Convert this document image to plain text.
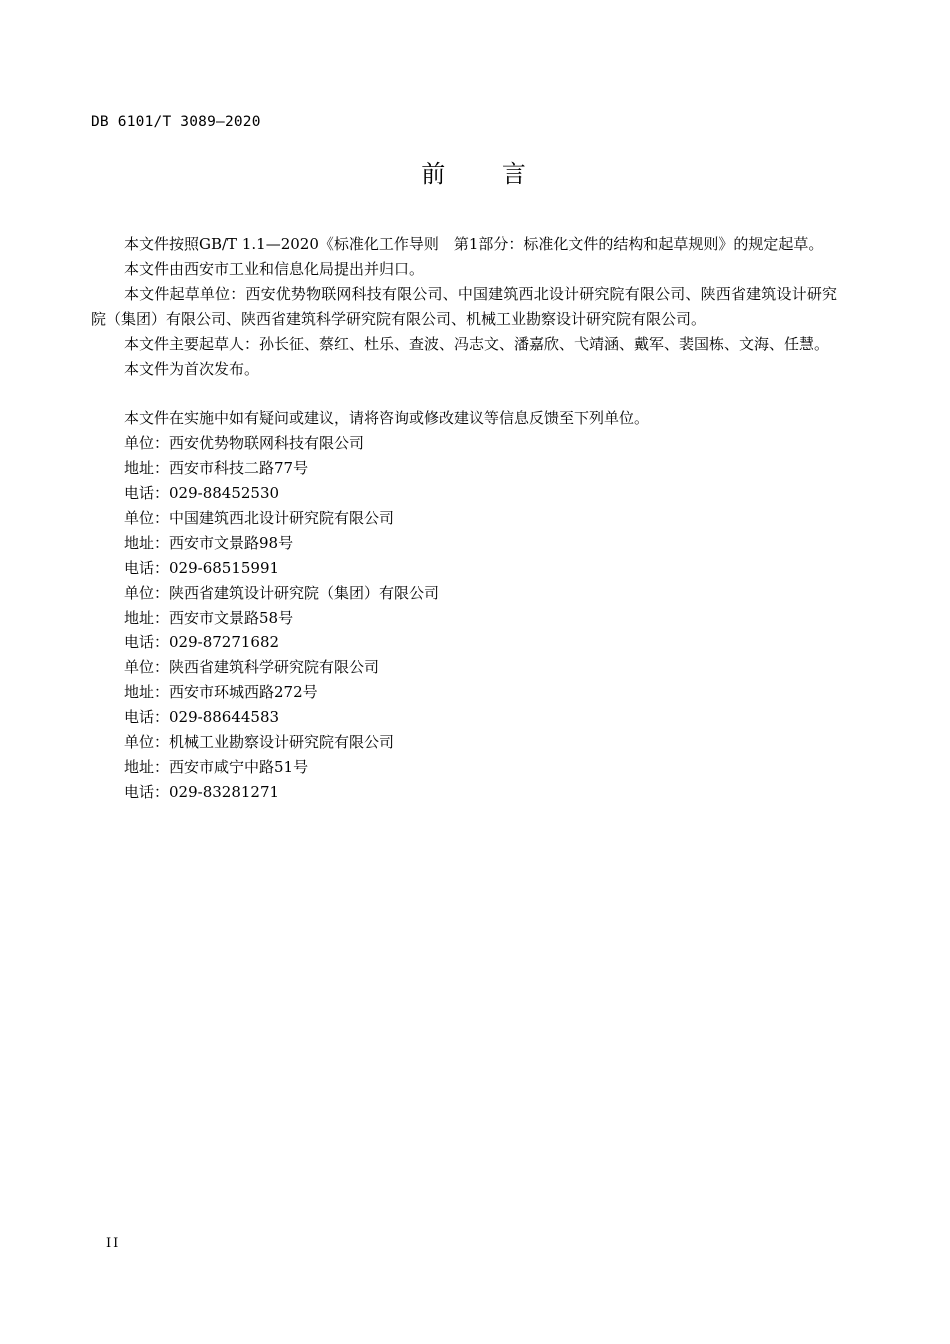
DB 6101/T 3089—2020
前　　言

本文件按照GB/T 1.1—2020《标准化工作导则　第1部分：标准化文件的结构和起草规则》的规定起草。

本文件由西安市工业和信息化局提出并归口。

本文件起草单位：西安优势物联网科技有限公司、中国建筑西北设计研究院有限公司、陕西省建筑设计研究院（集团）有限公司、陕西省建筑科学研究院有限公司、机械工业勘察设计研究院有限公司。

本文件主要起草人：孙长征、蔡红、杜乐、查波、冯志文、潘嘉欣、弋靖涵、戴军、裴国栋、文海、任慧。

本文件为首次发布。

本文件在实施中如有疑问或建议，请将咨询或修改建议等信息反馈至下列单位。

单位：西安优势物联网科技有限公司

地址：西安市科技二路77号

电话：029-88452530

单位：中国建筑西北设计研究院有限公司

地址：西安市文景路98号

电话：029-68515991

单位：陕西省建筑设计研究院（集团）有限公司

地址：西安市文景路58号

电话：029-87271682

单位：陕西省建筑科学研究院有限公司

地址：西安市环城西路272号

电话：029-88644583

单位：机械工业勘察设计研究院有限公司

地址：西安市咸宁中路51号

电话：029-83281271

II
